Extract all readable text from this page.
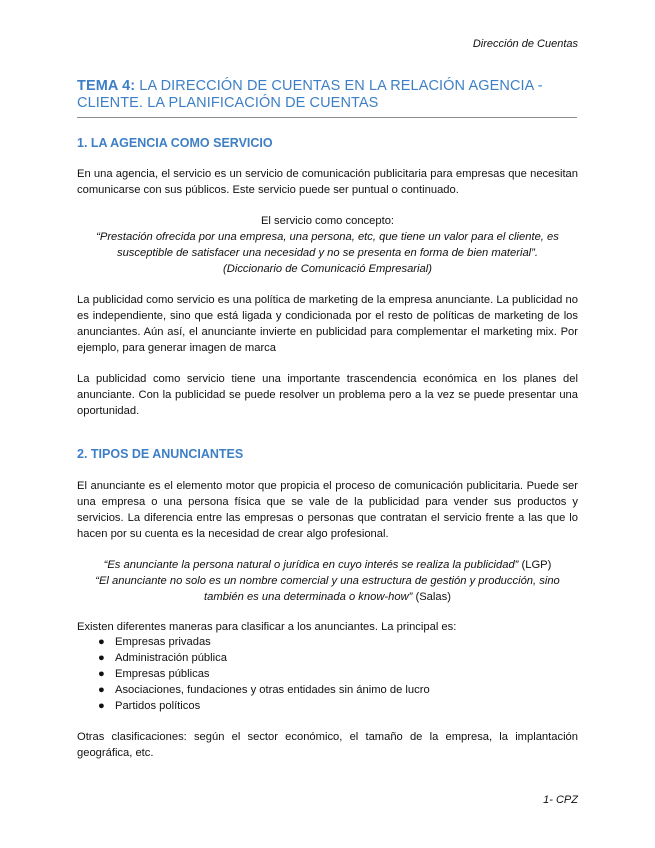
Dirección de Cuentas
TEMA 4: LA DIRECCIÓN DE CUENTAS EN LA RELACIÓN AGENCIA - CLIENTE. LA PLANIFICACIÓN DE CUENTAS
1. LA AGENCIA COMO SERVICIO
En una agencia, el servicio es un servicio de comunicación publicitaria para empresas que necesitan comunicarse con sus públicos. Este servicio puede ser puntual o continuado.
El servicio como concepto:
“Prestación ofrecida por una empresa, una persona, etc, que tiene un valor para el cliente, es susceptible de satisfacer una necesidad y no se presenta en forma de bien material”.
(Diccionario de Comunicació Empresarial)
La publicidad como servicio es una política de marketing de la empresa anunciante. La publicidad no es independiente, sino que está ligada y condicionada por el resto de políticas de marketing de los anunciantes. Aún así, el anunciante invierte en publicidad para complementar el marketing mix. Por ejemplo, para generar imagen de marca
La publicidad como servicio tiene una importante trascendencia económica en los planes del anunciante. Con la publicidad se puede resolver un problema pero a la vez se puede presentar una oportunidad.
2. TIPOS DE ANUNCIANTES
El anunciante es el elemento motor que propicia el proceso de comunicación publicitaria. Puede ser una empresa o una persona física que se vale de la publicidad para vender sus productos y servicios. La diferencia entre las empresas o personas que contratan el servicio frente a las que lo hacen por su cuenta es la necesidad de crear algo profesional.
“Es anunciante la persona natural o jurídica en cuyo interés se realiza la publicidad” (LGP)
“El anunciante no solo es un nombre comercial y una estructura de gestión y producción, sino también es una determinada o know-how” (Salas)
Existen diferentes maneras para clasificar a los anunciantes. La principal es:
● Empresas privadas
● Administración pública
● Empresas públicas
● Asociaciones, fundaciones y otras entidades sin ánimo de lucro
● Partidos políticos
Otras clasificaciones: según el sector económico, el tamaño de la empresa, la implantación geográfica, etc.
1- CPZ
